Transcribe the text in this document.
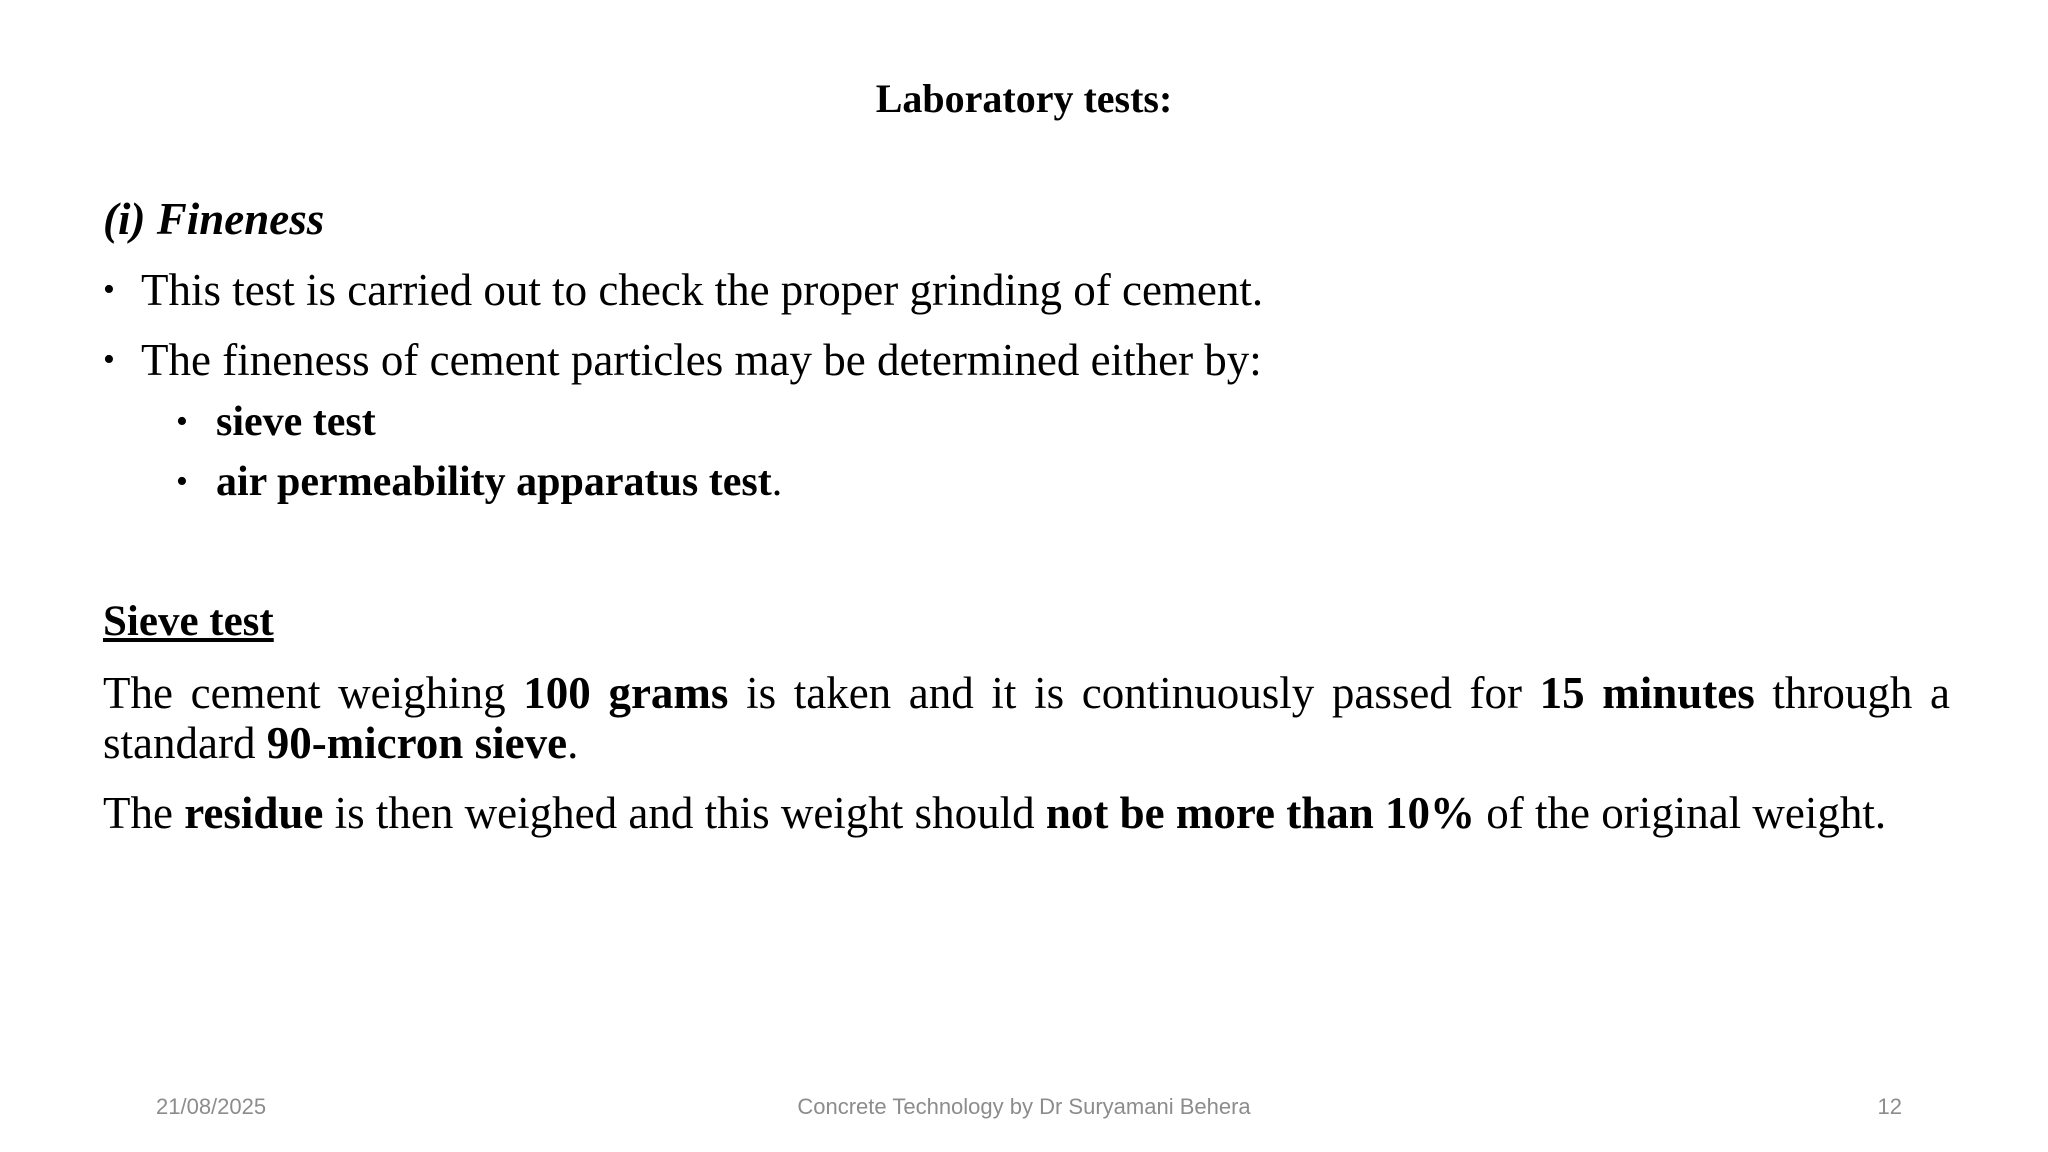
Laboratory tests:
(i) Fineness
• This test is carried out to check the proper grinding of cement.
• The fineness of cement particles may be determined either by:
• sieve test
• air permeability apparatus test.
Sieve test
The cement weighing 100 grams is taken and it is continuously passed for 15 minutes through a standard 90-micron sieve.
The residue is then weighed and this weight should not be more than 10% of the original weight.
21/08/2025	Concrete Technology by Dr Suryamani Behera	12
